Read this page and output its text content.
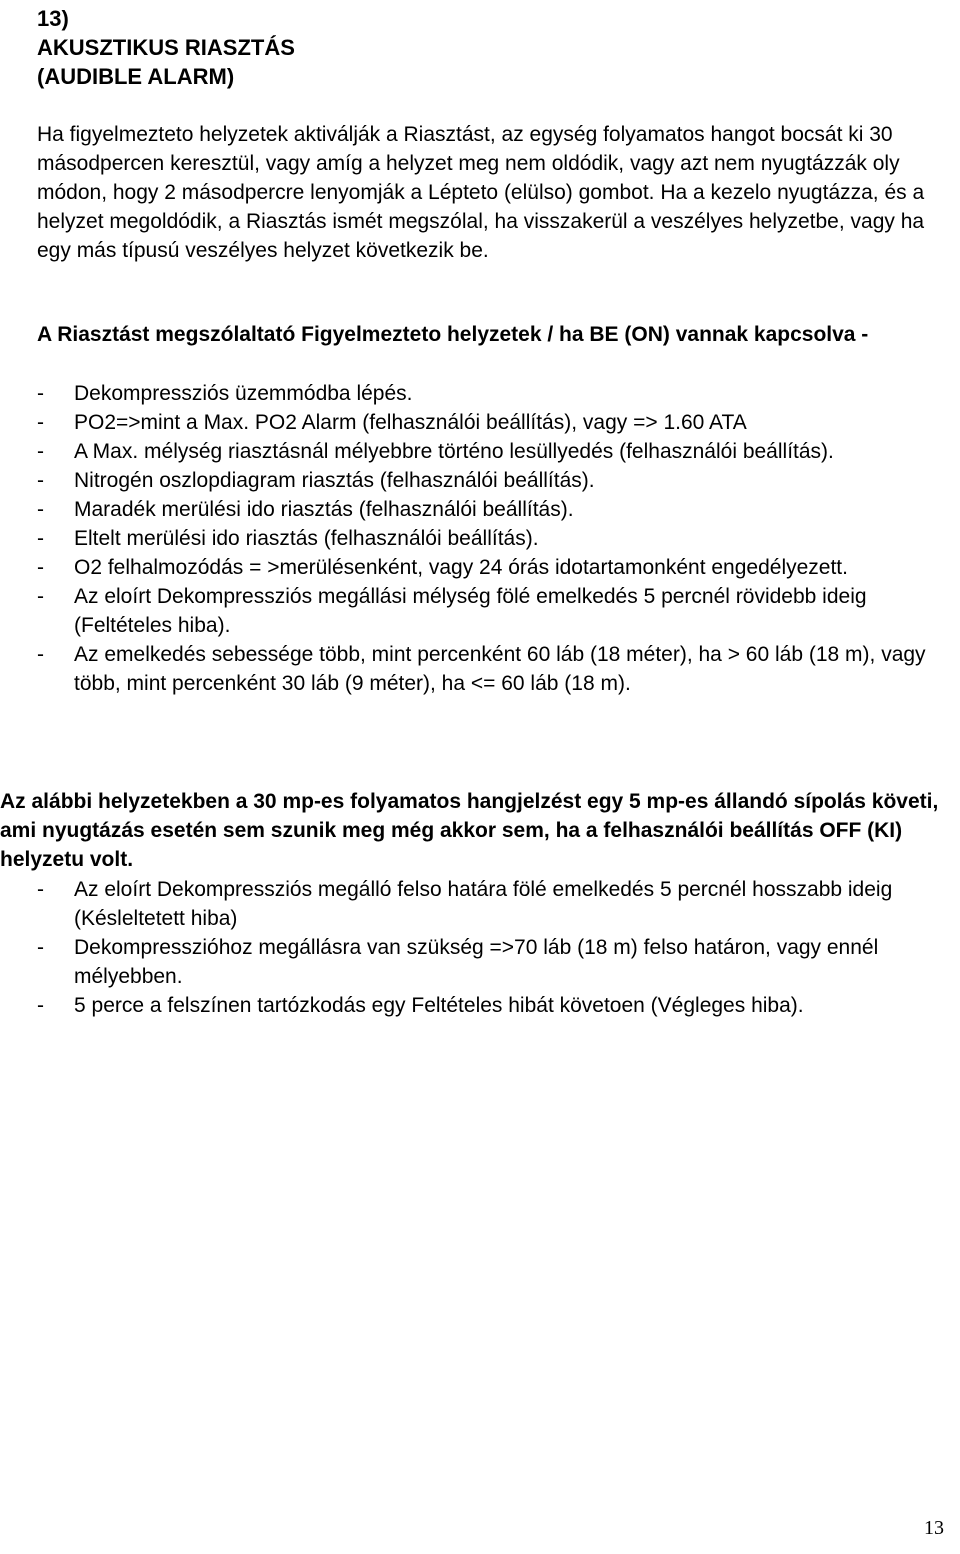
13)
AKUSZTIKUS RIASZTÁS
(AUDIBLE ALARM)

Ha figyelmezteto helyzetek aktiválják a Riasztást, az egység folyamatos hangot bocsát ki 30 másodpercen keresztül, vagy amíg a helyzet meg nem oldódik, vagy azt nem nyugtázzák oly módon, hogy 2 másodpercre lenyomják a Lépteto (elülso) gombot. Ha a kezelo nyugtázza, és a helyzet megoldódik, a Riasztás ismét megszólal, ha visszakerül a veszélyes helyzetbe, vagy ha egy más típusú veszélyes helyzet következik be.

A Riasztást megszólaltató Figyelmezteto helyzetek / ha BE (ON) vannak kapcsolva -

- Dekompressziós üzemmódba lépés.
- PO2=>mint a Max. PO2 Alarm (felhasználói beállítás), vagy => 1.60 ATA
- A Max. mélység riasztásnál mélyebbre történo lesüllyedés (felhasználói beállítás).
- Nitrogén oszlopdiagram riasztás (felhasználói beállítás).
- Maradék merülési ido riasztás (felhasználói beállítás).
- Eltelt merülési ido riasztás (felhasználói beállítás).
- O2 felhalmozódás = >merülésenként, vagy 24 órás idotartamonként engedélyezett.
- Az eloírt Dekompressziós megállási mélység fölé emelkedés 5 percnél rövidebb ideig (Feltételes hiba).
- Az emelkedés sebessége több, mint percenként 60 láb (18 méter), ha > 60 láb (18 m), vagy több, mint percenként 30 láb (9 méter), ha <= 60 láb (18 m).

Az alábbi helyzetekben a 30 mp-es folyamatos hangjelzést egy 5 mp-es állandó sípolás követi, ami nyugtázás esetén sem szunik meg még akkor sem, ha a felhasználói beállítás OFF (KI) helyzetu volt.

- Az eloírt Dekompressziós megálló felso határa fölé emelkedés 5 percnél hosszabb ideig (Késleltetett hiba)
- Dekompresszióhoz megállásra van szükség =>70 láb (18 m) felso határon, vagy ennél mélyebben.
- 5 perce a felszínen tartózkodás egy Feltételes hibát követoen (Végleges hiba).
13
